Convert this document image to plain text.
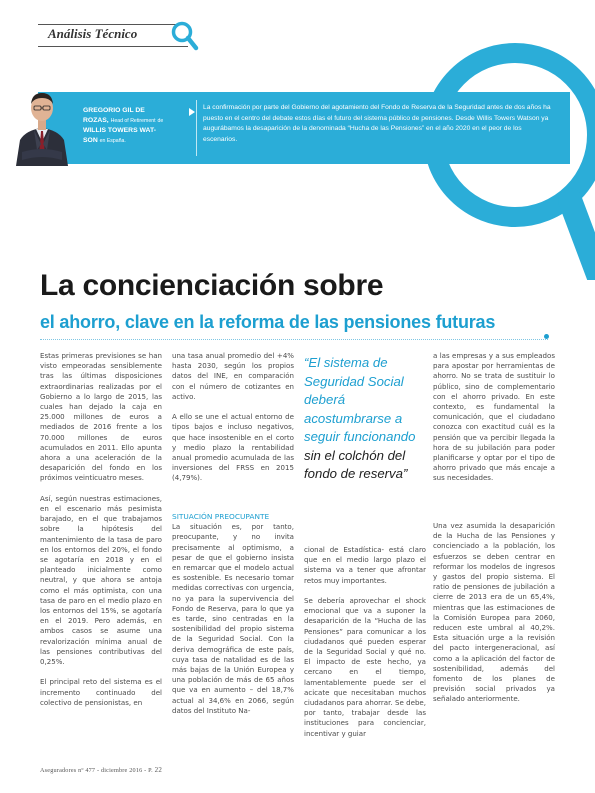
Análisis Técnico
GREGORIO GIL DE
ROZAS, Head of Retirement de WILLIS TOWERS WAT-
SON en España.
La confirmación por parte del Gobierno del agotamiento del Fondo de Reserva de la Seguridad antes de dos años ha puesto en el centro del debate estos días el futuro del sistema público de pensiones. Desde Willis Towers Watson ya augurábamos la desaparición de la denominada “Hucha de las Pensiones” en el año 2020 en el peor de los escenarios.
La concienciación sobre
el ahorro, clave en la reforma de las pensiones futuras

Estas primeras previsiones se han visto empeoradas sensiblemente tras las últimas disposiciones extraordinarias realizadas por el Gobierno a lo largo de 2015, las cuales han dejado la caja en 25.000 millones de euros a mediados de 2016 frente a los 70.000 millones de euros acumulados en 2011. Ello apunta ahora a una aceleración de la desaparición del fondo en los próximos veinticuatro meses.

Así, según nuestras estimaciones, en el escenario más pesimista barajado, en el que trabajamos sobre la hipótesis del mantenimiento de la tasa de paro en los entornos del 20%, el fondo se agotaría en 2018 y en el planteado inicialmente como neutral, y que ahora se antoja como el más optimista, con una tasa de paro en el medio plazo en los entornos del 15%, se agotaría en el 2019. Pero además, en ambos casos se asume una revalorización mínima anual de las pensiones contributivas del 0,25%.

El principal reto del sistema es el incremento continuado del colectivo de pensionistas, en

una tasa anual promedio del +4% hasta 2030, según los propios datos del INE, en comparación con el número de cotizantes en activo.

A ello se une el actual entorno de tipos bajos e incluso negativos, que hace insostenible en el corto y medio plazo la rentabilidad anual promedio acumulada de las inversiones del FRSS en 2015 (4,79%).

SITUACIÓN PREOCUPANTE

La situación es, por tanto, preocupante, y no invita precisamente al optimismo, a pesar de que el gobierno insista en remarcar que el modelo actual es sostenible. Es necesario tomar medidas correctivas con urgencia, no ya para la supervivencia del Fondo de Reserva, para lo que ya es tarde, sino centradas en la sostenibilidad del propio sistema de la Seguridad Social. Con la deriva demográfica de este país, cuya tasa de natalidad es de las más bajas de la Unión Europea y una población de más de 65 años que va en aumento – del 18,7% actual al 34,6% en 2066, según datos del Instituto Na-

“El sistema de Seguridad Social deberá acostumbrarse a seguir funcionando sin el colchón del fondo de reserva”

cional de Estadística- está claro que en el medio largo plazo el sistema va a tener que afrontar retos muy importantes.

Se debería aprovechar el shock emocional que va a suponer la desaparición de la “Hucha de las Pensiones” para comunicar a los ciudadanos qué pueden esperar de la Seguridad Social y qué no. El impacto de este hecho, ya cercano en el tiempo, lamentablemente puede ser el acicate que necesitaban muchos ciudadanos para ahorrar. Se debe, por tanto, trabajar desde las instituciones para concienciar, incentivar y guiar

a las empresas y a sus empleados para apostar por herramientas de ahorro. No se trata de sustituir lo público, sino de complementario con el ahorro privado. En este contexto, es fundamental la comunicación, que el ciudadano conozca con exactitud cuál es la pensión que va percibir llegada la hora de su jubilación para poder planificarse y optar por el tipo de ahorro privado que más encaje a sus necesidades.

Una vez asumida la desaparición de la Hucha de las Pensiones y concienciado a la población, los esfuerzos se deben centrar en reformar los modelos de ingresos y gastos del propio sistema. El ratio de pensiones de jubilación a cierre de 2013 era de un 65,4%, mientras que las estimaciones de la Comisión Europea para 2060, reducen este umbral al 40,2%. Esta situación urge a la revisión del pacto intergeneracional, así como a la aplicación del factor de sostenibilidad, además del fomento de los planes de previsión social privados ya señalado anteriormente.

Aseguradores nº 477 - diciembre 2016 - P. 22
